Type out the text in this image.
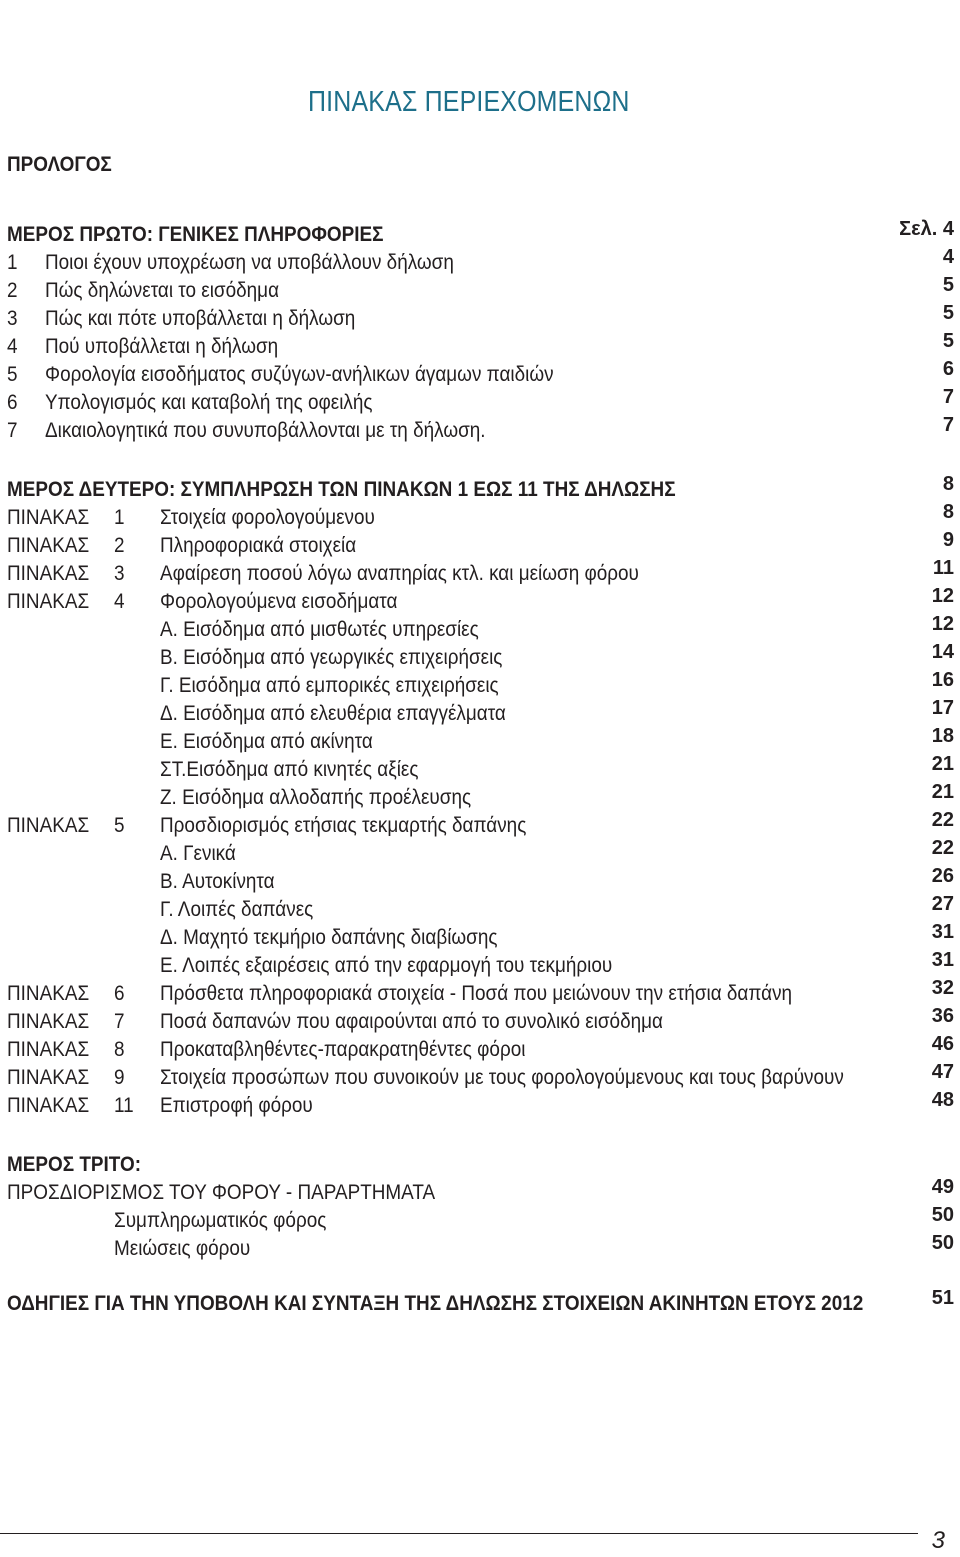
ΠΙΝΑΚΑΣ ΠΕΡΙΕΧΟΜΕΝΩΝ
ΠΡΟΛΟΓΟΣ
ΜΕΡΟΣ ΠΡΩΤΟ: ΓΕΝΙΚΕΣ ΠΛΗΡΟΦΟΡΙΕΣ	Σελ. 4
1 Ποιοι έχουν υποχρέωση να υποβάλλουν δήλωση	4
2 Πώς δηλώνεται το εισόδημα	5
3 Πώς και πότε υποβάλλεται η δήλωση	5
4 Πού υποβάλλεται η δήλωση	5
5 Φορολογία εισοδήματος συζύγων-ανήλικων άγαμων παιδιών	6
6 Υπολογισμός και καταβολή της οφειλής	7
7 Δικαιολογητικά που συνυποβάλλονται με τη δήλωση.	7
ΜΕΡΟΣ ΔΕΥΤΕΡΟ: ΣΥΜΠΛΗΡΩΣΗ ΤΩΝ ΠΙΝΑΚΩΝ 1 ΕΩΣ 11 ΤΗΣ ΔΗΛΩΣΗΣ	8
ΠΙΝΑΚΑΣ 1 Στοιχεία φορολογούμενου	8
ΠΙΝΑΚΑΣ 2 Πληροφοριακά στοιχεία	9
ΠΙΝΑΚΑΣ 3 Αφαίρεση ποσού λόγω αναπηρίας κτλ. και μείωση φόρου	11
ΠΙΝΑΚΑΣ 4 Φορολογούμενα εισοδήματα	12
Α. Εισόδημα από μισθωτές υπηρεσίες	12
Β. Εισόδημα από γεωργικές επιχειρήσεις	14
Γ. Εισόδημα από εμπορικές επιχειρήσεις	16
Δ. Εισόδημα από ελευθέρια επαγγέλματα	17
Ε. Εισόδημα από ακίνητα	18
ΣΤ.Εισόδημα από κινητές αξίες	21
Ζ. Εισόδημα αλλοδαπής προέλευσης	21
ΠΙΝΑΚΑΣ 5 Προσδιορισμός ετήσιας τεκμαρτής δαπάνης	22
Α. Γενικά	22
Β. Αυτοκίνητα	26
Γ. Λοιπές δαπάνες	27
Δ. Μαχητό τεκμήριο δαπάνης διαβίωσης	31
Ε. Λοιπές εξαιρέσεις από την εφαρμογή του τεκμήριου	31
ΠΙΝΑΚΑΣ 6 Πρόσθετα πληροφοριακά στοιχεία - Ποσά που μειώνουν την ετήσια δαπάνη	32
ΠΙΝΑΚΑΣ 7 Ποσά δαπανών που αφαιρούνται από το συνολικό εισόδημα	36
ΠΙΝΑΚΑΣ 8 Προκαταβληθέντες-παρακρατηθέντες φόροι	46
ΠΙΝΑΚΑΣ 9 Στοιχεία προσώπων που συνοικούν με τους φορολογούμενους και τους βαρύνουν	47
ΠΙΝΑΚΑΣ 11 Επιστροφή φόρου	48
ΜΕΡΟΣ ΤΡΙΤΟ:
ΠΡΟΣΔΙΟΡΙΣΜΟΣ ΤΟΥ ΦΟΡΟΥ - ΠΑΡΑΡΤΗΜΑΤΑ	49
Συμπληρωματικός φόρος	50
Μειώσεις φόρου	50
ΟΔΗΓΙΕΣ ΓΙΑ ΤΗΝ ΥΠΟΒΟΛΗ ΚΑΙ ΣΥΝΤΑΞΗ ΤΗΣ ΔΗΛΩΣΗΣ ΣΤΟΙΧΕΙΩΝ ΑΚΙΝΗΤΩΝ ΕΤΟΥΣ 2012	51
3
